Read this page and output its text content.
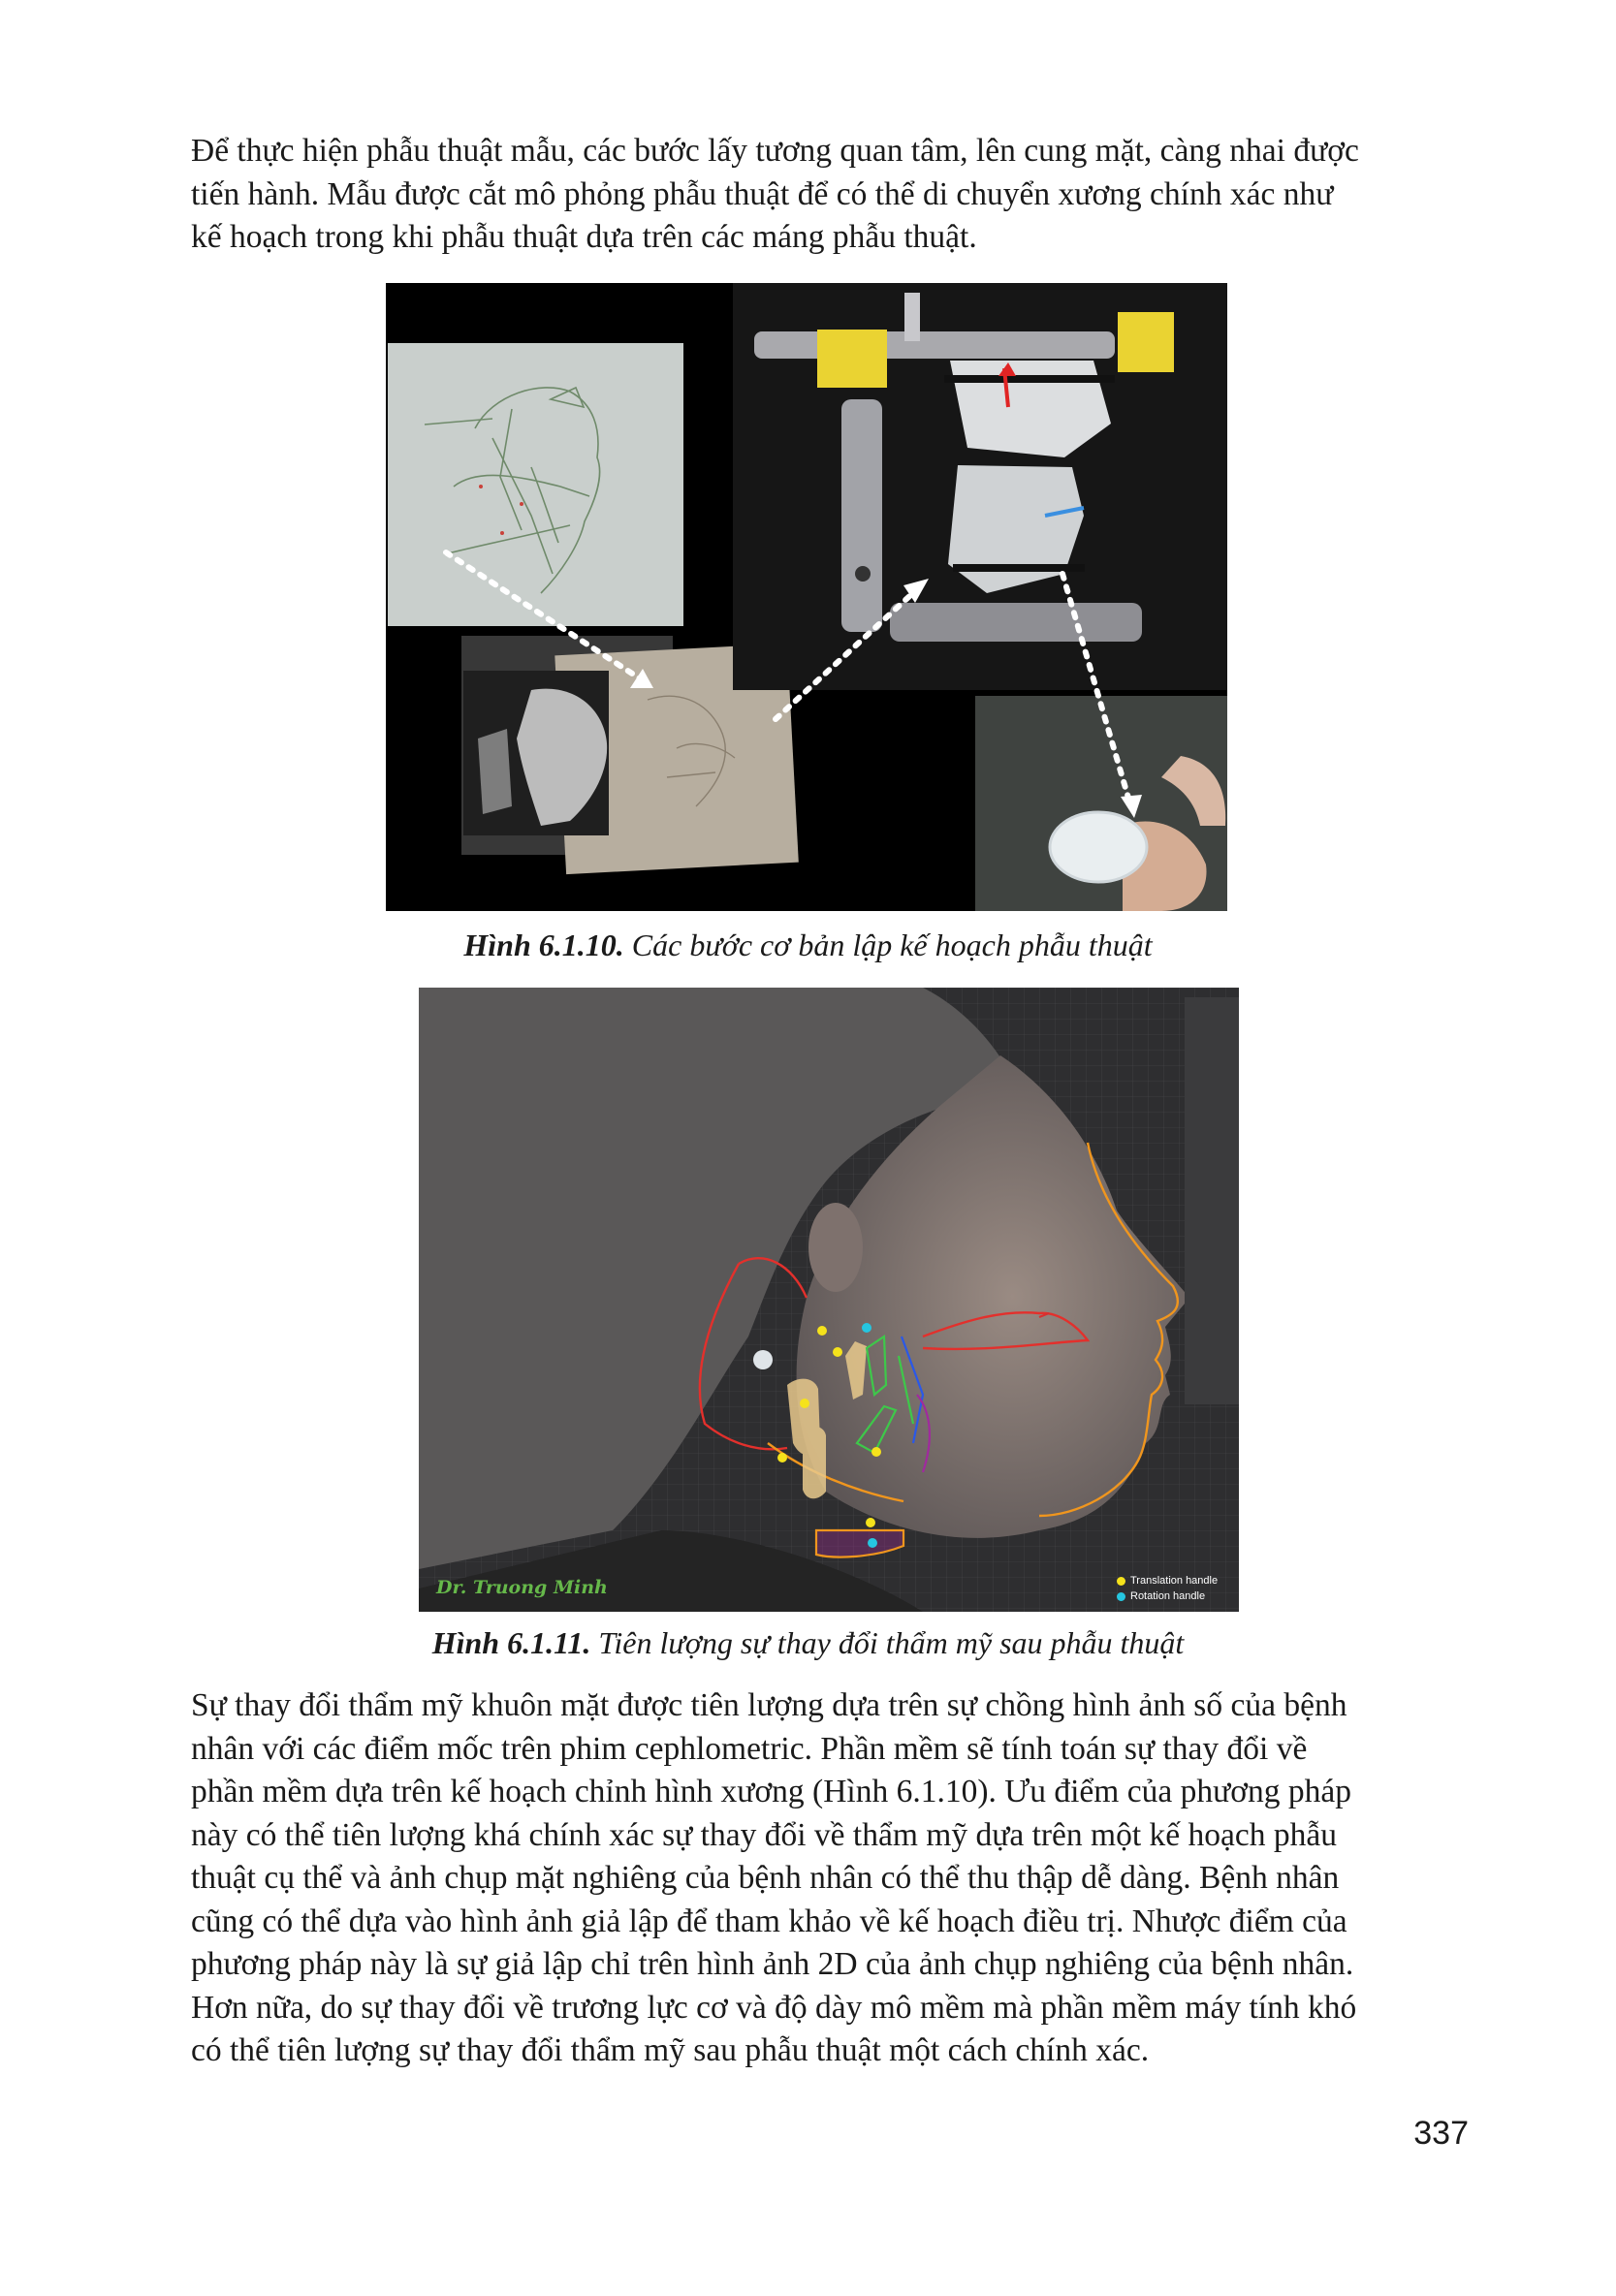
Để thực hiện phẫu thuật mẫu, các bước lấy tương quan tâm, lên cung mặt, càng nhai được
tiến hành. Mẫu được cắt mô phỏng phẫu thuật để có thể di chuyển xương chính xác như
kế hoạch trong khi phẫu thuật dựa trên các máng phẫu thuật.
Hình 6.1.10. Các bước cơ bản lập kế hoạch phẫu thuật
Dr. Truong Minh	Translation handle
Rotation handle
Hình 6.1.11. Tiên lượng sự thay đổi thẩm mỹ sau phẫu thuật
Sự thay đổi thẩm mỹ khuôn mặt được tiên lượng dựa trên sự chồng hình ảnh số của bệnh
nhân với các điểm mốc trên phim cephlometric. Phần mềm sẽ tính toán sự thay đổi về
phần mềm dựa trên kế hoạch chỉnh hình xương (Hình 6.1.10). Ưu điểm của phương pháp
này có thể tiên lượng khá chính xác sự thay đổi về thẩm mỹ dựa trên một kế hoạch phẫu
thuật cụ thể và ảnh chụp mặt nghiêng của bệnh nhân có thể thu thập dễ dàng. Bệnh nhân
cũng có thể dựa vào hình ảnh giả lập để tham khảo về kế hoạch điều trị. Nhược điểm của
phương pháp này là sự giả lập chỉ trên hình ảnh 2D của ảnh chụp nghiêng của bệnh nhân.
Hơn nữa, do sự thay đổi về trương lực cơ và độ dày mô mềm mà phần mềm máy tính khó
có thể tiên lượng sự thay đổi thẩm mỹ sau phẫu thuật một cách chính xác.
337
